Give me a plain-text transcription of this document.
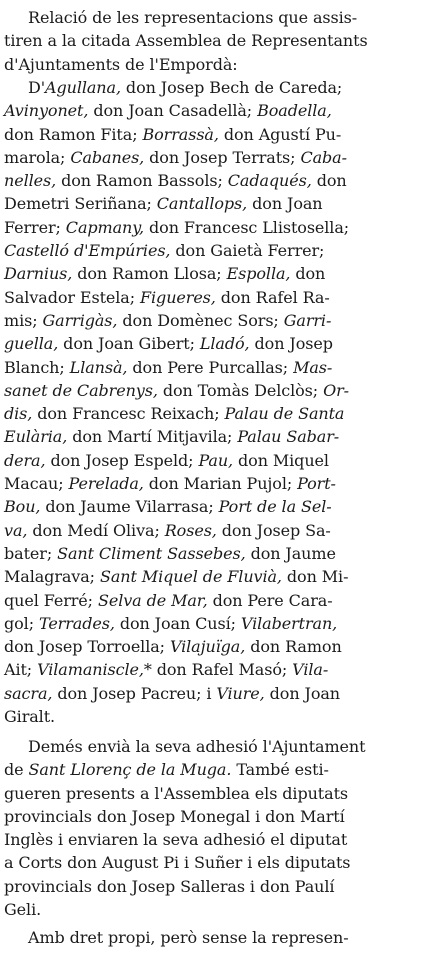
Relació de les representacions que assis-
tiren a la citada Assemblea de Representants
d'Ajuntaments de l'Empordà:
D'Agullana, don Josep Bech de Careda;
Avinyonet, don Joan Casadellà; Boadella,
don Ramon Fita; Borrassà, don Agustí Pu-
marola; Cabanes, don Josep Terrats; Caba-
nelles, don Ramon Bassols; Cadaqués, don
Demetri Seriñana; Cantallops, don Joan
Ferrer; Capmany, don Francesc Llistosella;
Castelló d'Empúries, don Gaietà Ferrer;
Darnius, don Ramon Llosa; Espolla, don
Salvador Estela; Figueres, don Rafel Ra-
mis; Garrigàs, don Domènec Sors; Garri-
guella, don Joan Gibert; Lladó, don Josep
Blanch; Llansà, don Pere Purcallas; Mas-
sanet de Cabrenys, don Tomàs Delclòs; Or-
dis, don Francesc Reixach; Palau de Santa
Eulària, don Martí Mitjavila; Palau Sabar-
dera, don Josep Espeld; Pau, don Miquel
Macau; Perelada, don Marian Pujol; Port-
Bou, don Jaume Vilarrasa; Port de la Sel-
va, don Medí Oliva; Roses, don Josep Sa-
bater; Sant Climent Sassebes, don Jaume
Malagrava; Sant Miquel de Fluvià, don Mi-
quel Ferré; Selva de Mar, don Pere Cara-
gol; Terrades, don Joan Cusí; Vilabertran,
don Josep Torroella; Vilajuïga, don Ramon
Ait; Vilamaniscle,* don Rafel Masó; Vila-
sacra, don Josep Pacreu; i Viure, don Joan
Giralt.
Demés envià la seva adhesió l'Ajuntament
de Sant Llorenç de la Muga. També esti-
gueren presents a l'Assemblea els diputats
provincials don Josep Monegal i don Martí
Inglès i enviaren la seva adhesió el diputat
a Corts don August Pi i Suñer i els diputats
provincials don Josep Salleras i don Paulí
Geli.
Amb dret propi, però sense la represen-
